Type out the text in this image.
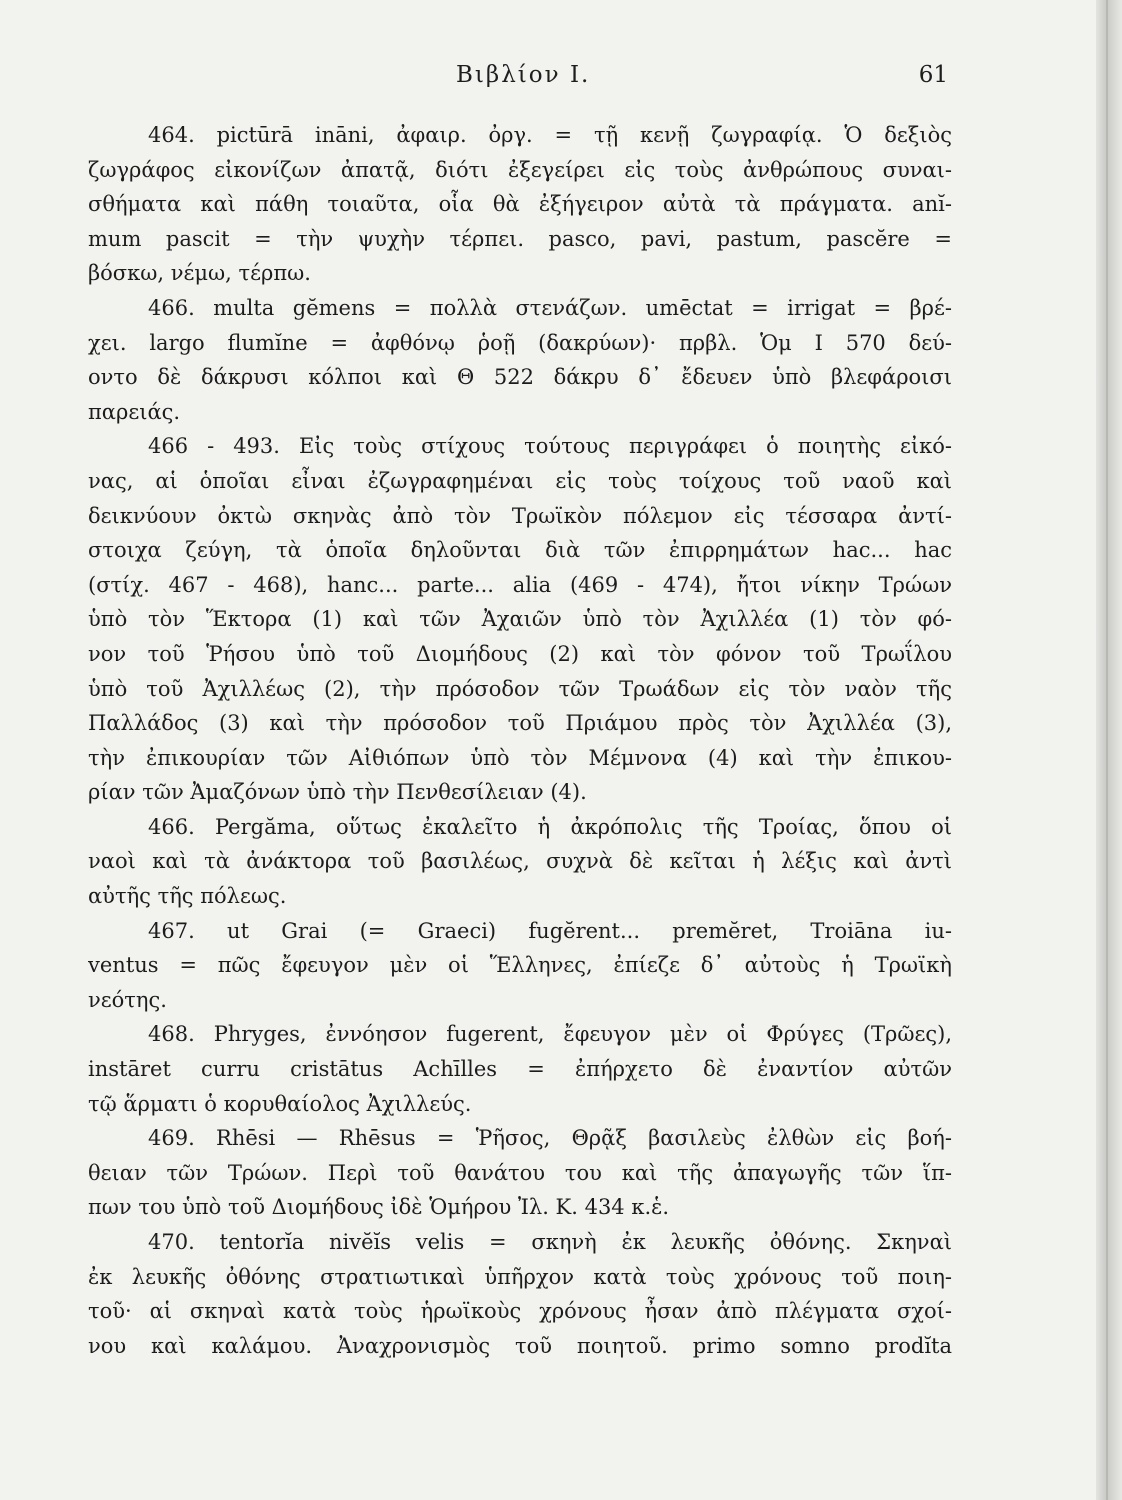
Βιβλίον I.	61
464. pictūrā ināni, ἀφαιρ. ὀργ. = τῇ κενῇ ζωγραφίᾳ. Ὁ δεξιὸς
ζωγράφος εἰκονίζων ἀπατᾷ, διότι ἐξεγείρει εἰς τοὺς ἀνθρώπους συναι-
σθήματα καὶ πάθη τοιαῦτα, οἷα θὰ ἐξήγειρον αὐτὰ τὰ πράγματα. anĭ-
mum pascit = τὴν ψυχὴν τέρπει. pasco, pavi, pastum, pascĕre =
βόσκω, νέμω, τέρπω.
466. multa gĕmens = πολλὰ στενάζων. umēctat = irrigat = βρέ-
χει. largo flumĭne = ἀφθόνῳ ῥοῇ (δακρύων)· πρβλ. Ὁμ I 570 δεύ-
οντο δὲ δάκρυσι κόλποι καὶ Θ 522 δάκρυ δ᾿ ἔδευεν ὑπὸ βλεφάροισι
παρειάς.
466 - 493. Εἰς τοὺς στίχους τούτους περιγράφει ὁ ποιητὴς εἰκό-
νας, αἱ ὁποῖαι εἶναι ἐζωγραφημέναι εἰς τοὺς τοίχους τοῦ ναοῦ καὶ
δεικνύουν ὀκτὼ σκηνὰς ἀπὸ τὸν Τρωϊκὸν πόλεμον εἰς τέσσαρα ἀντί-
στοιχα ζεύγη, τὰ ὁποῖα δηλοῦνται διὰ τῶν ἐπιρρημάτων hac... hac
(στίχ. 467 - 468), hanc... parte... alia (469 - 474), ἤτοι νίκην Τρώων
ὑπὸ τὸν Ἕκτορα (1) καὶ τῶν Ἀχαιῶν ὑπὸ τὸν Ἀχιλλέα (1) τὸν φό-
νον τοῦ Ῥήσου ὑπὸ τοῦ Διομήδους (2) καὶ τὸν φόνον τοῦ Τρωΐλου
ὑπὸ τοῦ Ἀχιλλέως (2), τὴν πρόσοδον τῶν Τρωάδων εἰς τὸν ναὸν τῆς
Παλλάδος (3) καὶ τὴν πρόσοδον τοῦ Πριάμου πρὸς τὸν Ἀχιλλέα (3),
τὴν ἐπικουρίαν τῶν Αἰθιόπων ὑπὸ τὸν Μέμνονα (4) καὶ τὴν ἐπικου-
ρίαν τῶν Ἀμαζόνων ὑπὸ τὴν Πενθεσίλειαν (4).
466. Pergăma, οὕτως ἐκαλεῖτο ἡ ἀκρόπολις τῆς Τροίας, ὅπου οἱ
ναοὶ καὶ τὰ ἀνάκτορα τοῦ βασιλέως, συχνὰ δὲ κεῖται ἡ λέξις καὶ ἀντὶ
αὐτῆς τῆς πόλεως.
467. ut Grai (= Graeci) fugĕrent... premĕret, Troiāna iu-
ventus = πῶς ἔφευγον μὲν οἱ Ἕλληνες, ἐπίεζε δ᾿ αὐτοὺς ἡ Τρωϊκὴ
νεότης.
468. Phryges, ἐννόησον fugerent, ἔφευγον μὲν οἱ Φρύγες (Τρῶες),
instāret curru cristātus Achīlles = ἐπήρχετο δὲ ἐναντίον αὐτῶν
τῷ ἅρματι ὁ κορυθαίολος Ἀχιλλεύς.
469. Rhēsi — Rhēsus = Ῥῆσος, Θρᾷξ βασιλεὺς ἐλθὼν εἰς βοή-
θειαν τῶν Τρώων. Περὶ τοῦ θανάτου του καὶ τῆς ἀπαγωγῆς τῶν ἵπ-
πων του ὑπὸ τοῦ Διομήδους ἰδὲ Ὁμήρου Ἰλ. Κ. 434 κ.ἑ.
470. tentorĭa nivĕĭs velis = σκηνὴ ἐκ λευκῆς ὀθόνης. Σκηναὶ
ἐκ λευκῆς ὀθόνης στρατιωτικαὶ ὑπῆρχον κατὰ τοὺς χρόνους τοῦ ποιη-
τοῦ· αἱ σκηναὶ κατὰ τοὺς ἡρωϊκοὺς χρόνους ἦσαν ἀπὸ πλέγματα σχοί-
νου καὶ καλάμου. Ἀναχρονισμὸς τοῦ ποιητοῦ. primo somno prodĭta
